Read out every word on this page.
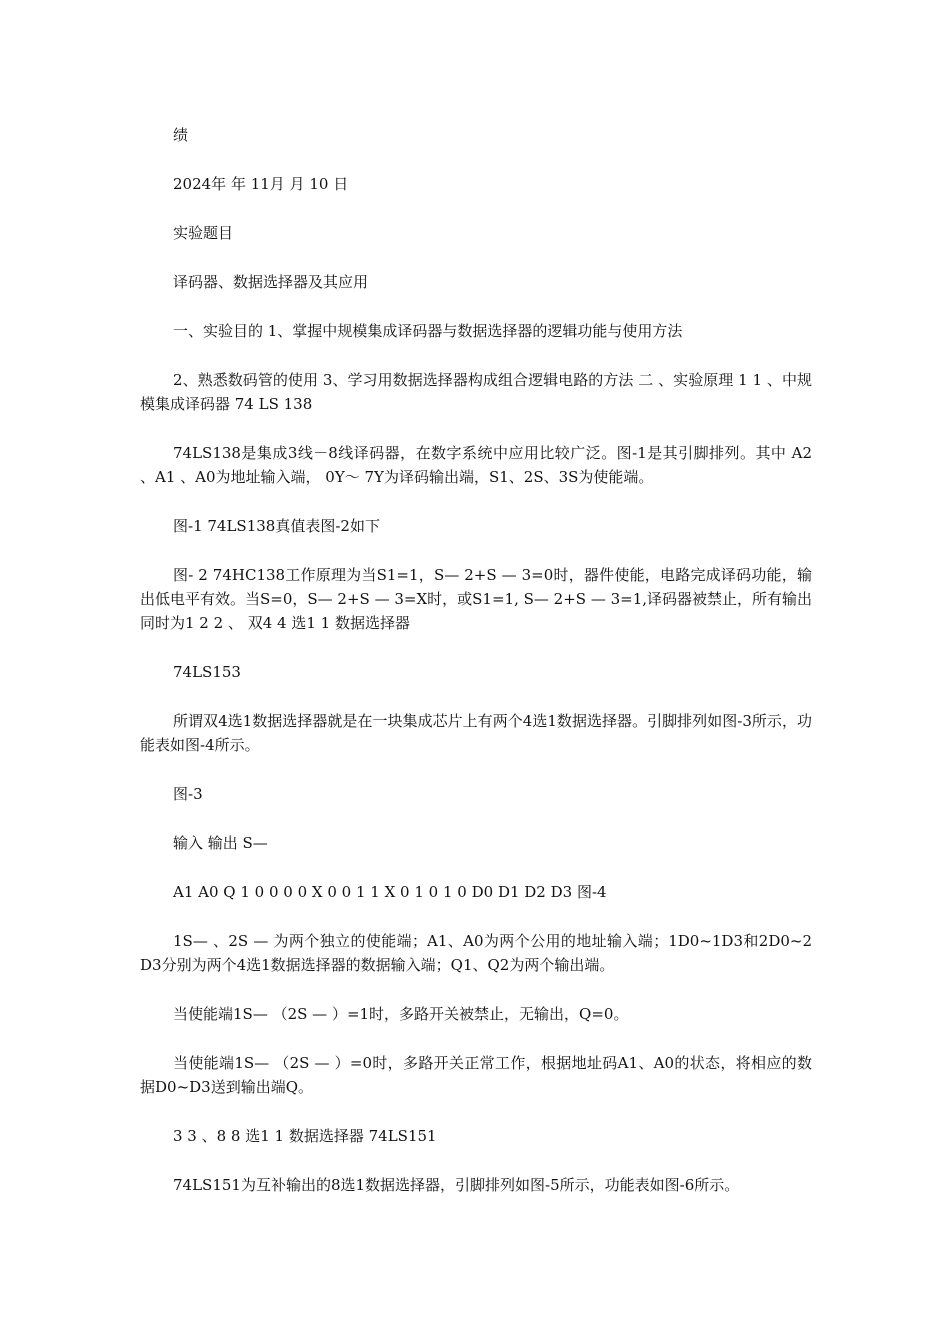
绩

2024年 年 11月 月 10 日

实验题目

译码器、数据选择器及其应用

一、实验目的 1、掌握中规模集成译码器与数据选择器的逻辑功能与使用方法

2、熟悉数码管的使用 3、学习用数据选择器构成组合逻辑电路的方法 二 、实验原理 1 1 、中规模集成译码器 74 LS 138

74LS138是集成3线－8线译码器，在数字系统中应用比较广泛。图-1是其引脚排列。其中 A2 、A1 、A0为地址输入端， 0Y～ 7Y为译码输出端，S1、2S、3S为使能端。

图-1 74LS138真值表图-2如下

图- 2 74HC138工作原理为当S1=1，S— 2+S — 3=0时，器件使能，电路完成译码功能，输出低电平有效。当S=0，S— 2+S — 3=X时，或S1=1, S— 2+S — 3=1,译码器被禁止，所有输出同时为1 2 2 、 双4 4 选1 1 数据选择器

74LS153

所谓双4选1数据选择器就是在一块集成芯片上有两个4选1数据选择器。引脚排列如图-3所示，功能表如图-4所示。

图-3

输入 输出 S—

A1 A0 Q 1 0 0 0 0 X 0 0 1 1 X 0 1 0 1 0 D0 D1 D2 D3 图-4

1S— 、2S — 为两个独立的使能端；A1、A0为两个公用的地址输入端；1D0~1D3和2D0~2D3分别为两个4选1数据选择器的数据输入端；Q1、Q2为两个输出端。

当使能端1S— （2S — ）=1时，多路开关被禁止，无输出，Q=0。

当使能端1S— （2S — ）=0时，多路开关正常工作，根据地址码A1、A0的状态，将相应的数据D0~D3送到输出端Q。

3 3 、8 8 选1 1 数据选择器 74LS151

74LS151为互补输出的8选1数据选择器，引脚排列如图-5所示，功能表如图-6所示。
